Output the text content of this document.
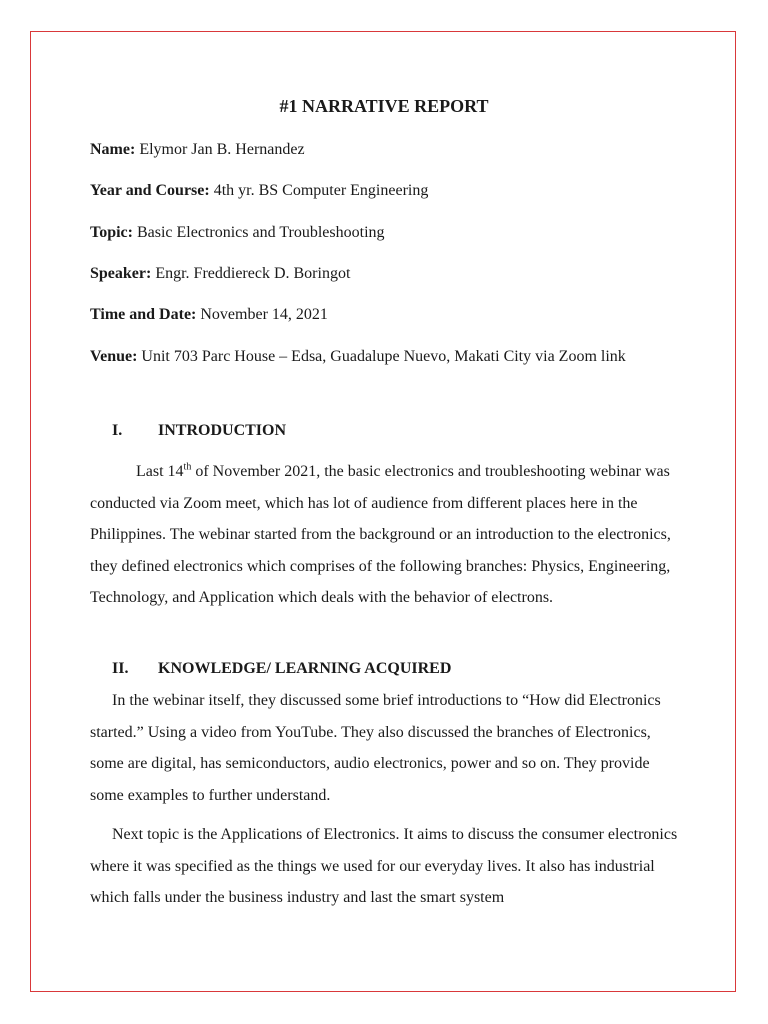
#1 NARRATIVE REPORT

Name: Elymor Jan B. Hernandez

Year and Course: 4th yr. BS Computer Engineering

Topic: Basic Electronics and Troubleshooting

Speaker: Engr. Freddiereck D. Boringot

Time and Date: November 14, 2021

Venue: Unit 703 Parc House – Edsa, Guadalupe Nuevo, Makati City via Zoom link

I. INTRODUCTION

Last 14th of November 2021, the basic electronics and troubleshooting webinar was conducted via Zoom meet, which has lot of audience from different places here in the Philippines. The webinar started from the background or an introduction to the electronics, they defined electronics which comprises of the following branches: Physics, Engineering, Technology, and Application which deals with the behavior of electrons.

II. KNOWLEDGE/ LEARNING ACQUIRED

In the webinar itself, they discussed some brief introductions to “How did Electronics started.” Using a video from YouTube. They also discussed the branches of Electronics, some are digital, has semiconductors, audio electronics, power and so on. They provide some examples to further understand.

Next topic is the Applications of Electronics. It aims to discuss the consumer electronics where it was specified as the things we used for our everyday lives. It also has industrial which falls under the business industry and last the smart system
